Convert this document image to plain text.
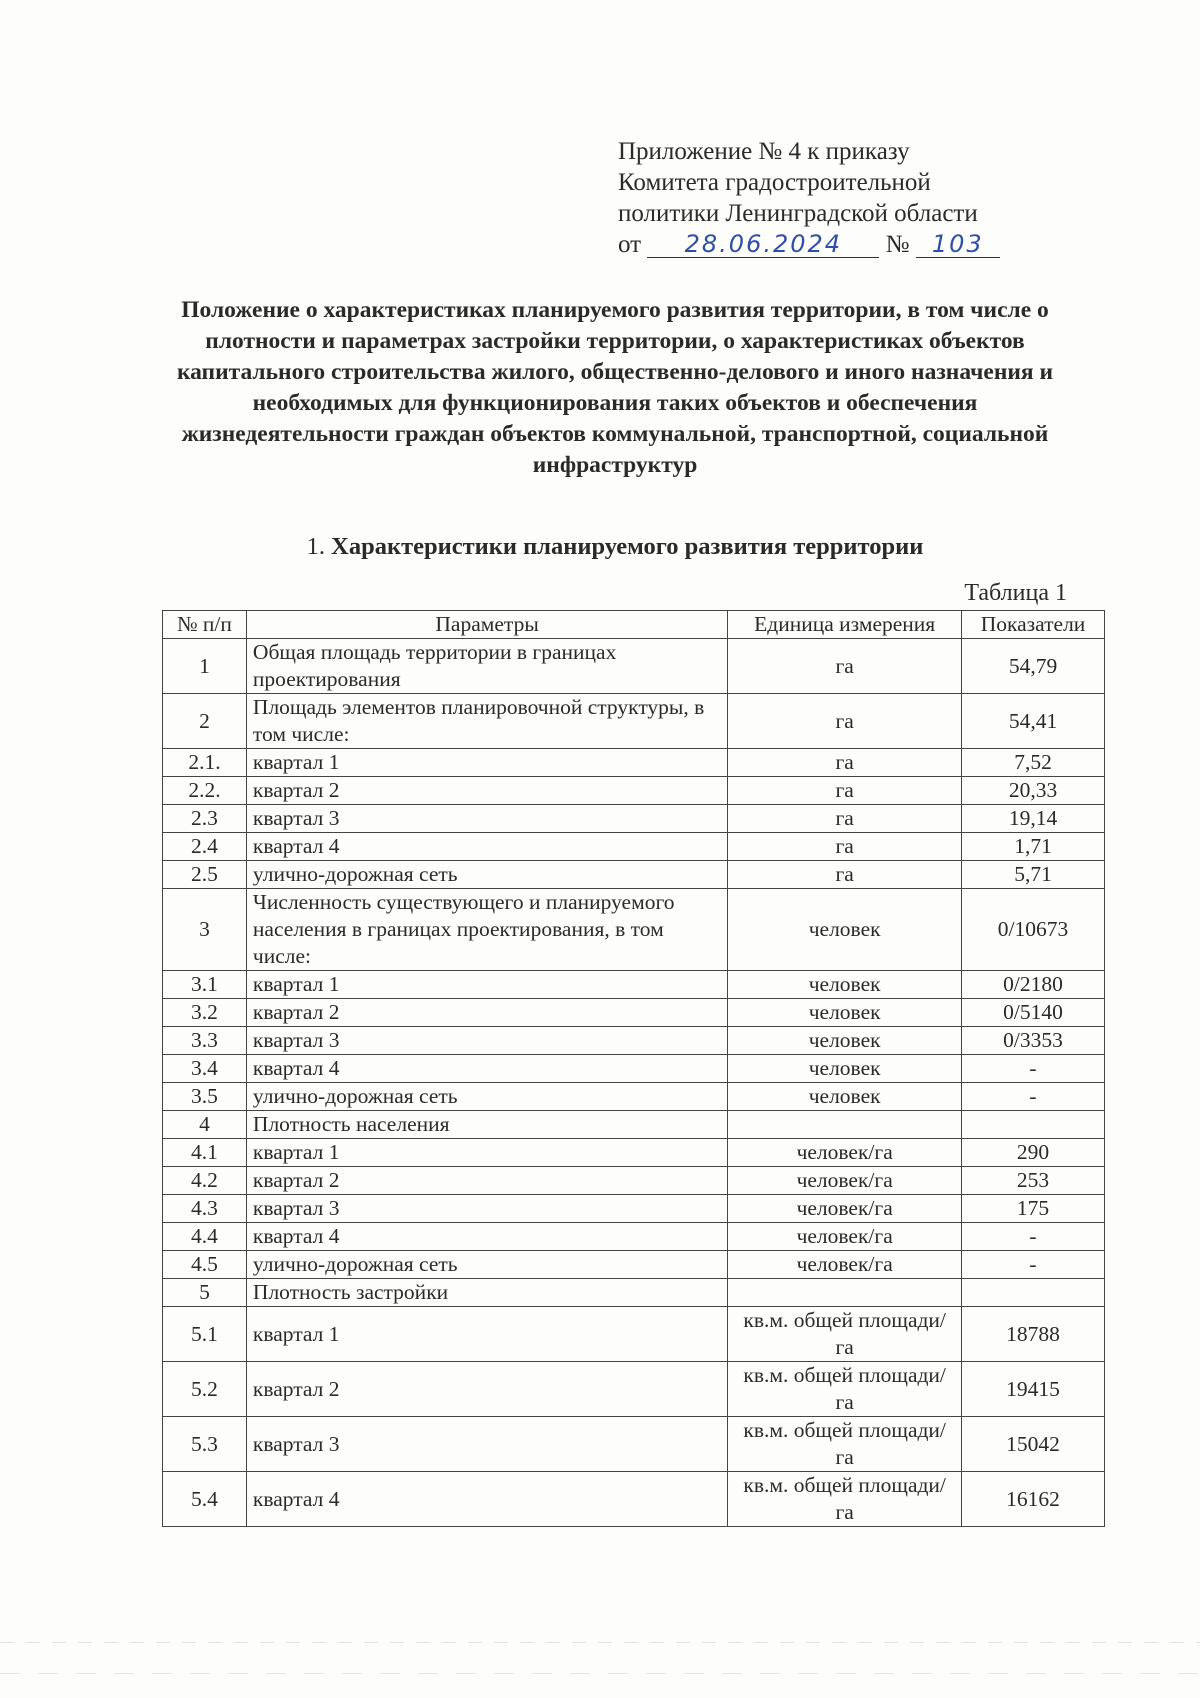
Приложение № 4 к приказу
Комитета градостроительной
политики Ленинградской области
от 28.06.2024 № 103
Положение о характеристиках планируемого развития территории, в том числе о плотности и параметрах застройки территории, о характеристиках объектов капитального строительства жилого, общественно-делового и иного назначения и необходимых для функционирования таких объектов и обеспечения жизнедеятельности граждан объектов коммунальной, транспортной, социальной инфраструктур
1. Характеристики планируемого развития территории
Таблица 1
№ п/п	Параметры	Единица измерения	Показатели
1	Общая площадь территории в границах проектирования	га	54,79
2	Площадь элементов планировочной структуры, в том числе:	га	54,41
2.1.	квартал 1	га	7,52
2.2.	квартал 2	га	20,33
2.3	квартал 3	га	19,14
2.4	квартал 4	га	1,71
2.5	улично-дорожная сеть	га	5,71
3	Численность существующего и планируемого населения в границах проектирования, в том числе:	человек	0/10673
3.1	квартал 1	человек	0/2180
3.2	квартал 2	человек	0/5140
3.3	квартал 3	человек	0/3353
3.4	квартал 4	человек	-
3.5	улично-дорожная сеть	человек	-
4	Плотность населения		
4.1	квартал 1	человек/га	290
4.2	квартал 2	человек/га	253
4.3	квартал 3	человек/га	175
4.4	квартал 4	человек/га	-
4.5	улично-дорожная сеть	человек/га	-
5	Плотность застройки		
5.1	квартал 1	кв.м. общей площади/га	18788
5.2	квартал 2	кв.м. общей площади/га	19415
5.3	квартал 3	кв.м. общей площади/га	15042
5.4	квартал 4	кв.м. общей площади/га	16162
